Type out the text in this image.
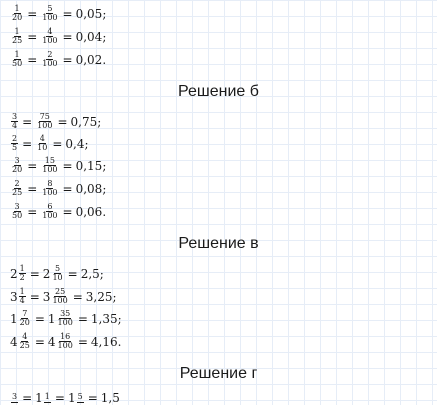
$\frac{1}{20} = \frac{5}{100} = 0,05$;
$\frac{1}{25} = \frac{4}{100} = 0,04$;
$\frac{1}{50} = \frac{2}{100} = 0,02$.
Решение б
$\frac{3}{4} = \frac{75}{100} = 0,75$;
$\frac{2}{5} = \frac{4}{10} = 0,4$;
$\frac{3}{20} = \frac{15}{100} = 0,15$;
$\frac{2}{25} = \frac{8}{100} = 0,08$;
$\frac{3}{50} = \frac{6}{100} = 0,06$.
Решение в
$2 \frac{1}{2} = 2 \frac{5}{10} = 2,5$;
$3 \frac{1}{4} = 3 \frac{25}{100} = 3,25$;
$1 \frac{7}{20} = 1 \frac{35}{100} = 1,35$;
$4 \frac{4}{25} = 4 \frac{16}{100} = 4,16$.
Решение г
3 = 1 1 = 1 5 = 1,5
